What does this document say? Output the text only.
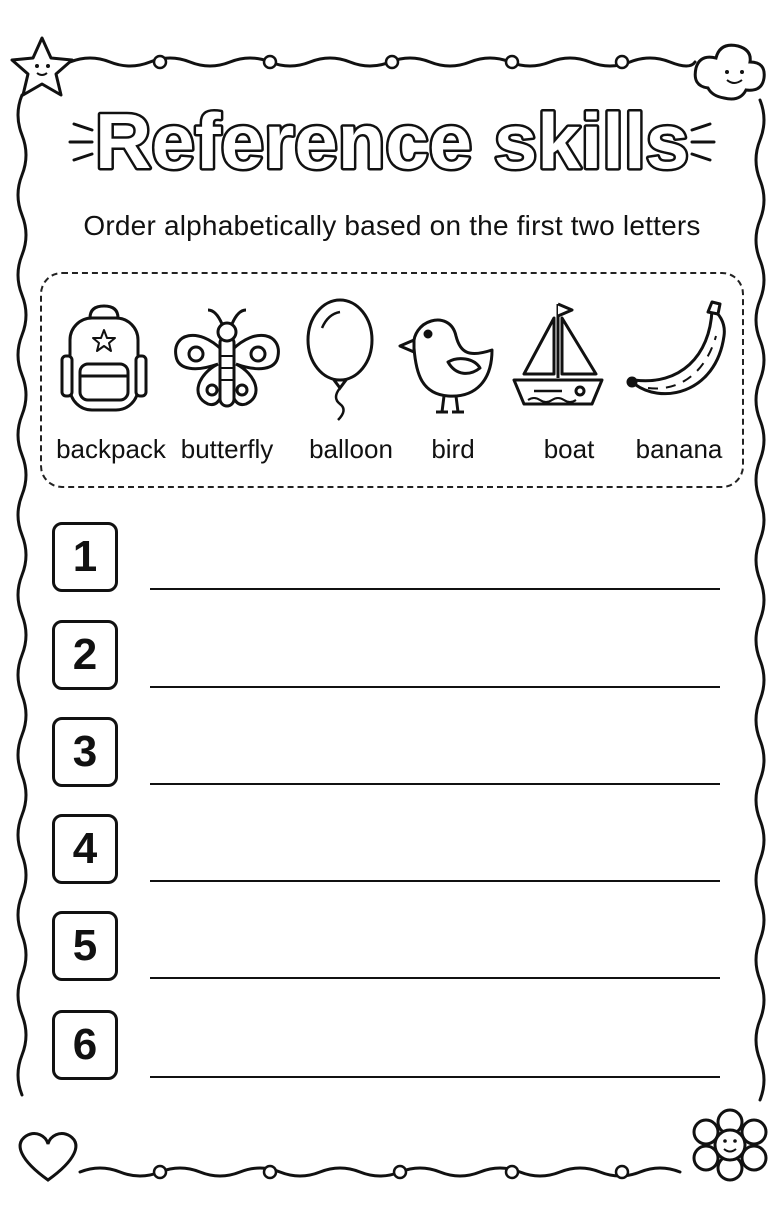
Reference skills
Order alphabetically based on the first two letters
backpack butterfly	balloon	bird	boat	banana
1
2
3
4
5
6
